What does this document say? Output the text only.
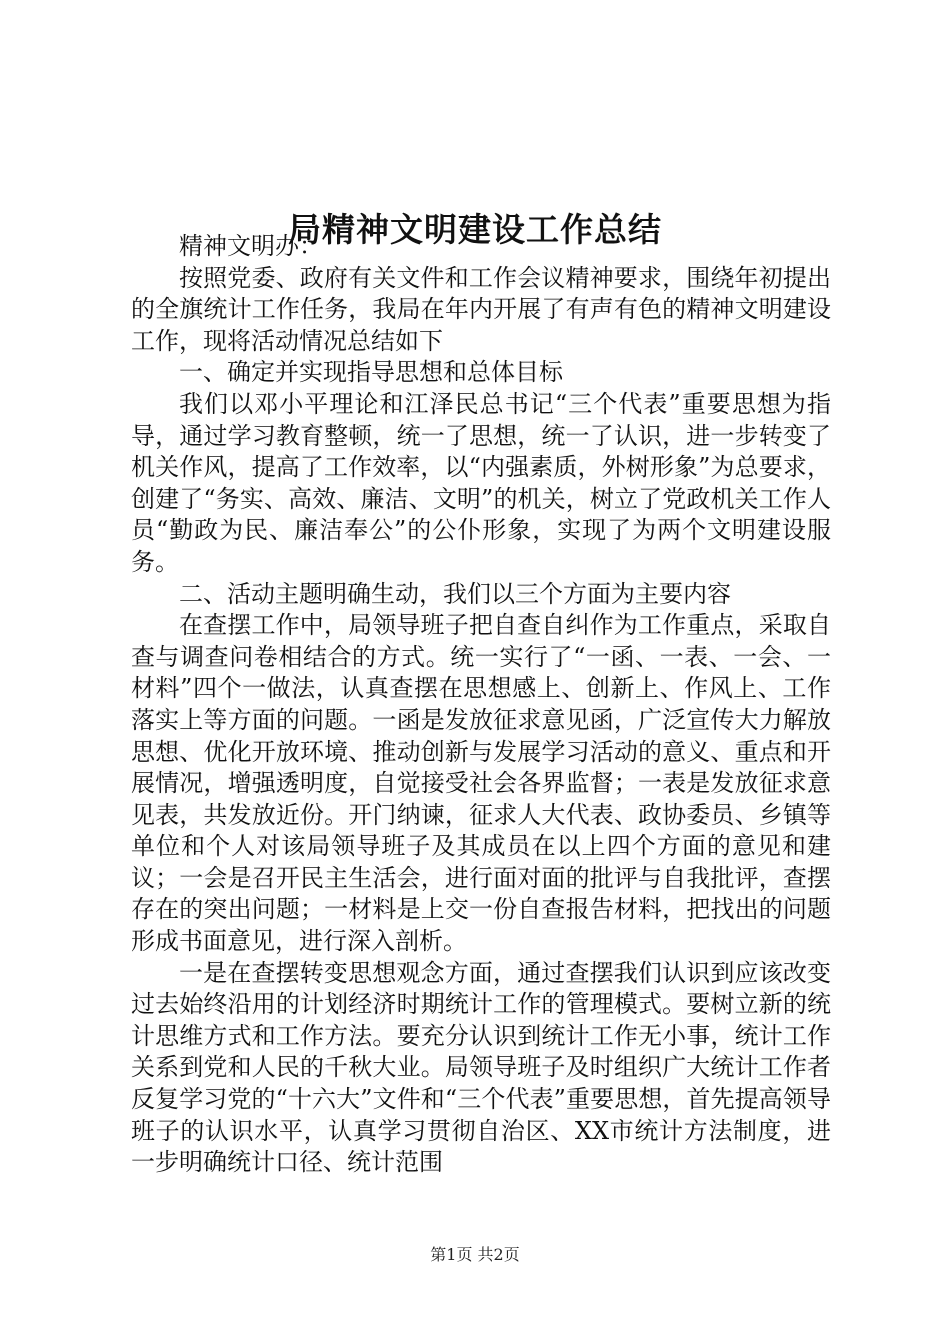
局精神文明建设工作总结

精神文明办：

按照党委、政府有关文件和工作会议精神要求，围绕年初提出的全旗统计工作任务，我局在年内开展了有声有色的精神文明建设工作，现将活动情况总结如下

一、确定并实现指导思想和总体目标

我们以邓小平理论和江泽民总书记“三个代表”重要思想为指导，通过学习教育整顿，统一了思想，统一了认识，进一步转变了机关作风，提高了工作效率，以“内强素质，外树形象”为总要求，创建了“务实、高效、廉洁、文明”的机关，树立了党政机关工作人员“勤政为民、廉洁奉公”的公仆形象，实现了为两个文明建设服务。

二、活动主题明确生动，我们以三个方面为主要内容

在查摆工作中，局领导班子把自查自纠作为工作重点，采取自查与调查问卷相结合的方式。统一实行了“一函、一表、一会、一材料”四个一做法，认真查摆在思想感上、创新上、作风上、工作落实上等方面的问题。一函是发放征求意见函，广泛宣传大力解放思想、优化开放环境、推动创新与发展学习活动的意义、重点和开展情况，增强透明度，自觉接受社会各界监督；一表是发放征求意见表，共发放近份。开门纳谏，征求人大代表、政协委员、乡镇等单位和个人对该局领导班子及其成员在以上四个方面的意见和建议；一会是召开民主生活会，进行面对面的批评与自我批评，查摆存在的突出问题；一材料是上交一份自查报告材料，把找出的问题形成书面意见，进行深入剖析。

一是在查摆转变思想观念方面，通过查摆我们认识到应该改变过去始终沿用的计划经济时期统计工作的管理模式。要树立新的统计思维方式和工作方法。要充分认识到统计工作无小事，统计工作关系到党和人民的千秋大业。局领导班子及时组织广大统计工作者反复学习党的“十六大”文件和“三个代表”重要思想，首先提高领导班子的认识水平，认真学习贯彻自治区、XX市统计方法制度，进一步明确统计口径、统计范围

第1页 共2页
